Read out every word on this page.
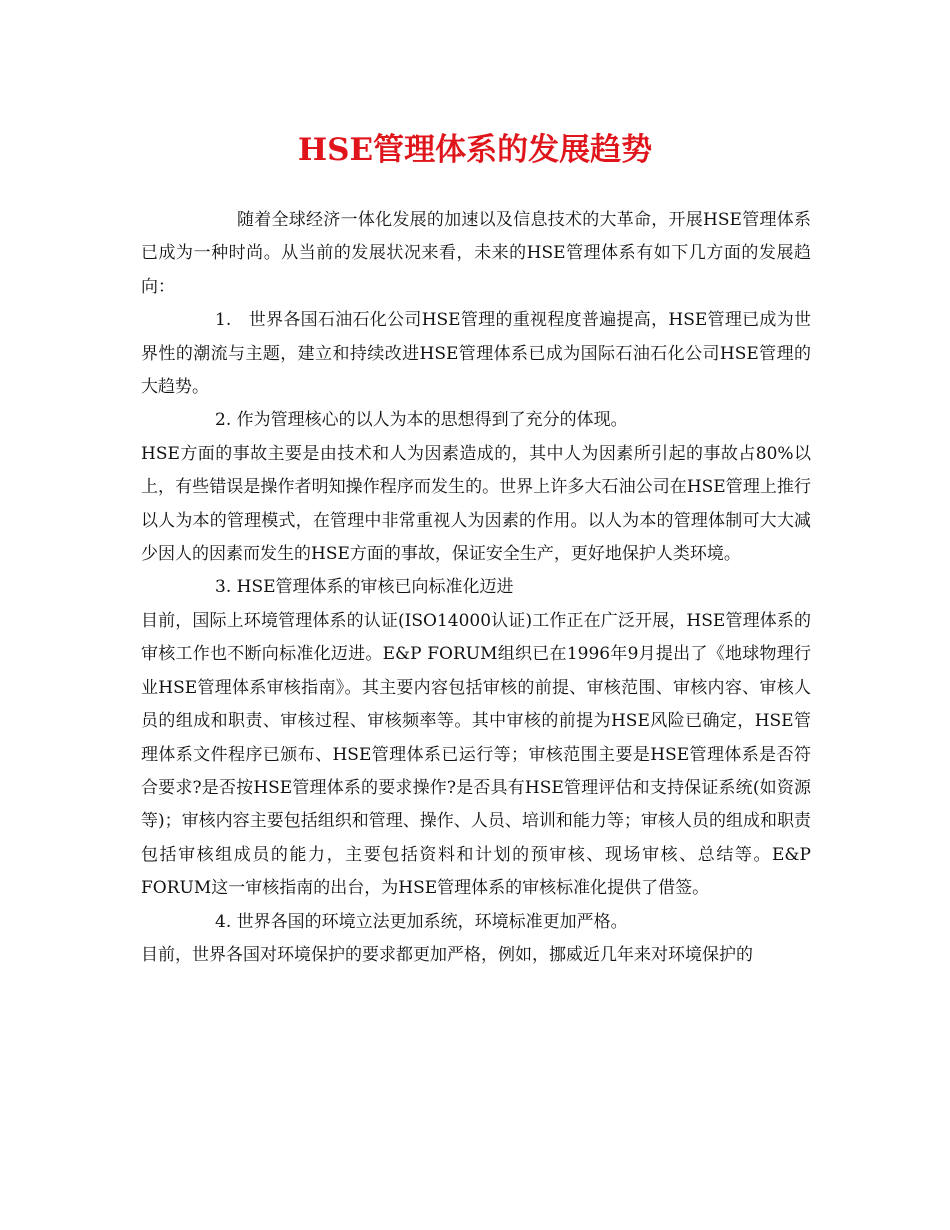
HSE管理体系的发展趋势

随着全球经济一体化发展的加速以及信息技术的大革命，开展HSE管理体系已成为一种时尚。从当前的发展状况来看，未来的HSE管理体系有如下几方面的发展趋向：

1.　世界各国石油石化公司HSE管理的重视程度普遍提高，HSE管理已成为世界性的潮流与主题，建立和持续改进HSE管理体系已成为国际石油石化公司HSE管理的大趋势。

2. 作为管理核心的以人为本的思想得到了充分的体现。

HSE方面的事故主要是由技术和人为因素造成的，其中人为因素所引起的事故占80%以上，有些错误是操作者明知操作程序而发生的。世界上许多大石油公司在HSE管理上推行以人为本的管理模式，在管理中非常重视人为因素的作用。以人为本的管理体制可大大减少因人的因素而发生的HSE方面的事故，保证安全生产，更好地保护人类环境。

3. HSE管理体系的审核已向标准化迈进

目前，国际上环境管理体系的认证(ISO14000认证)工作正在广泛开展，HSE管理体系的审核工作也不断向标准化迈进。E&P FORUM组织已在1996年9月提出了《地球物理行业HSE管理体系审核指南》。其主要内容包括审核的前提、审核范围、审核内容、审核人员的组成和职责、审核过程、审核频率等。其中审核的前提为HSE风险已确定，HSE管理体系文件程序已颁布、HSE管理体系已运行等；审核范围主要是HSE管理体系是否符合要求?是否按HSE管理体系的要求操作?是否具有HSE管理评估和支持保证系统(如资源等)；审核内容主要包括组织和管理、操作、人员、培训和能力等；审核人员的组成和职责包括审核组成员的能力，主要包括资料和计划的预审核、现场审核、总结等。E&P FORUM这一审核指南的出台，为HSE管理体系的审核标准化提供了借签。

4. 世界各国的环境立法更加系统，环境标准更加严格。

目前，世界各国对环境保护的要求都更加严格，例如，挪威近几年来对环境保护的
